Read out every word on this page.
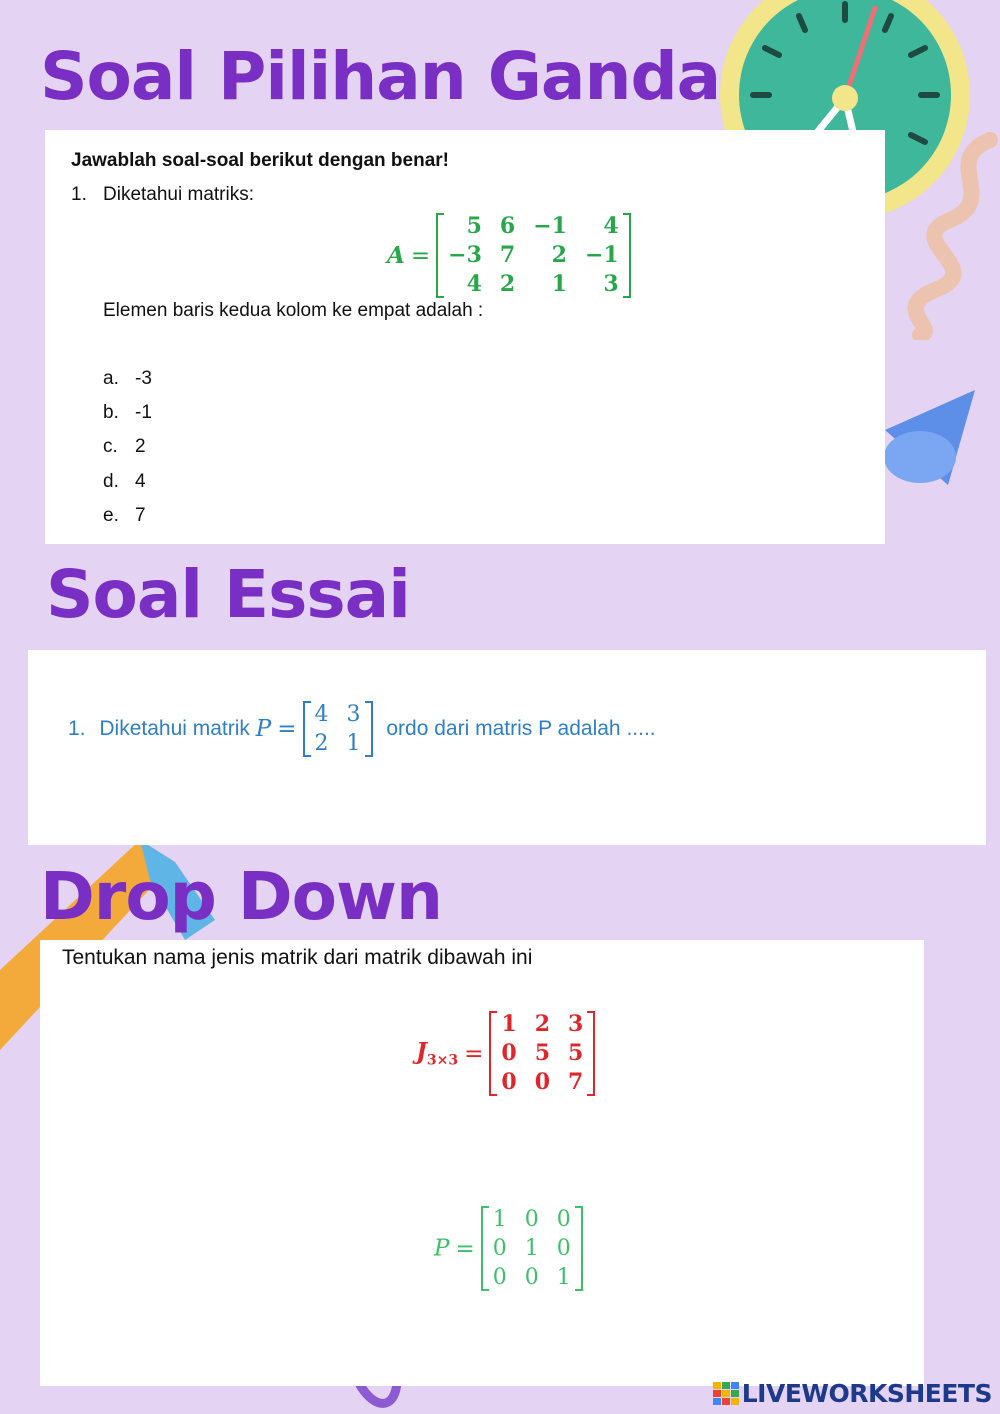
Soal Pilihan Ganda
Jawablah soal-soal berikut dengan benar!
1. Diketahui matriks:
A =
5	6	−1	4
−3	7	2	−1
4	2	1	3
Elemen baris kedua kolom ke empat adalah :
a. -3
b. -1
c. 2
d. 4
e. 7
Soal Essai
1. Diketahui matrik P =
4	3
2	1
ordo dari matris P adalah .....
Drop Down
Tentukan nama jenis matrik dari matrik dibawah ini
$J_{3\times 3}$ =
1	2	3
0	5	5
0	0	7
P =
1	0	0
0	1	0
0	0	1
LIVEWORKSHEETS
